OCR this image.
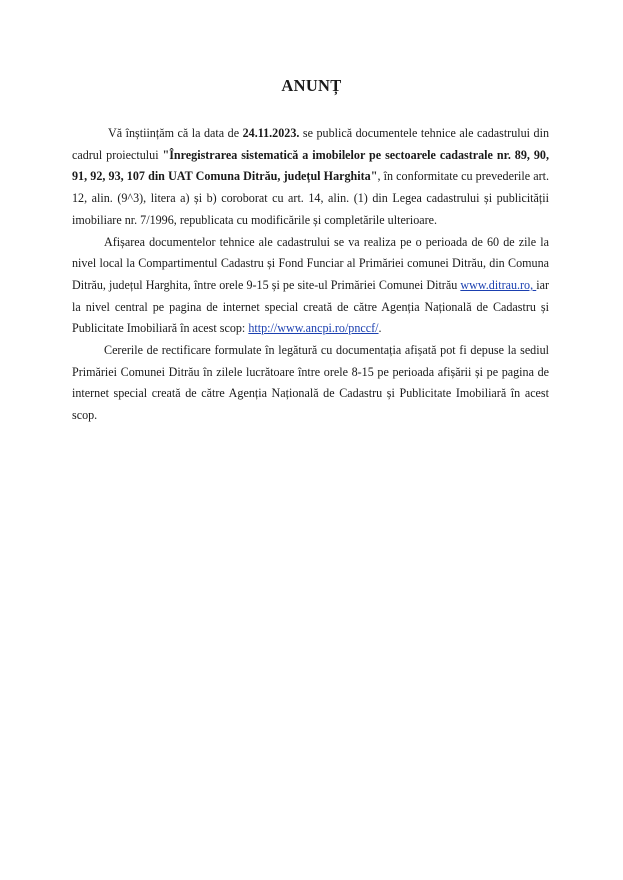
ANUNȚ

Vă înștiințăm că la data de 24.11.2023. se publică documentele tehnice ale cadastrului din cadrul proiectului "Înregistrarea sistematică a imobilelor pe sectoarele cadastrale nr. 89, 90, 91, 92, 93, 107 din UAT Comuna Ditrău, județul Harghita", în conformitate cu prevederile art. 12, alin. (9^3), litera a) și b) coroborat cu art. 14, alin. (1) din Legea cadastrului și publicității imobiliare nr. 7/1996, republicata cu modificările și completările ulterioare.

Afișarea documentelor tehnice ale cadastrului se va realiza pe o perioada de 60 de zile la nivel local la Compartimentul Cadastru și Fond Funciar al Primăriei comunei Ditrău, din Comuna Ditrău, județul Harghita, între orele 9-15 și pe site-ul Primăriei Comunei Ditrău www.ditrau.ro, iar la nivel central pe pagina de internet special creată de către Agenția Națională de Cadastru și Publicitate Imobiliară în acest scop: http://www.ancpi.ro/pnccf/.

Cererile de rectificare formulate în legătură cu documentația afișată pot fi depuse la sediul Primăriei Comunei Ditrău în zilele lucrătoare între orele 8-15 pe perioada afișării și pe pagina de internet special creată de către Agenția Națională de Cadastru și Publicitate Imobiliară în acest scop.
